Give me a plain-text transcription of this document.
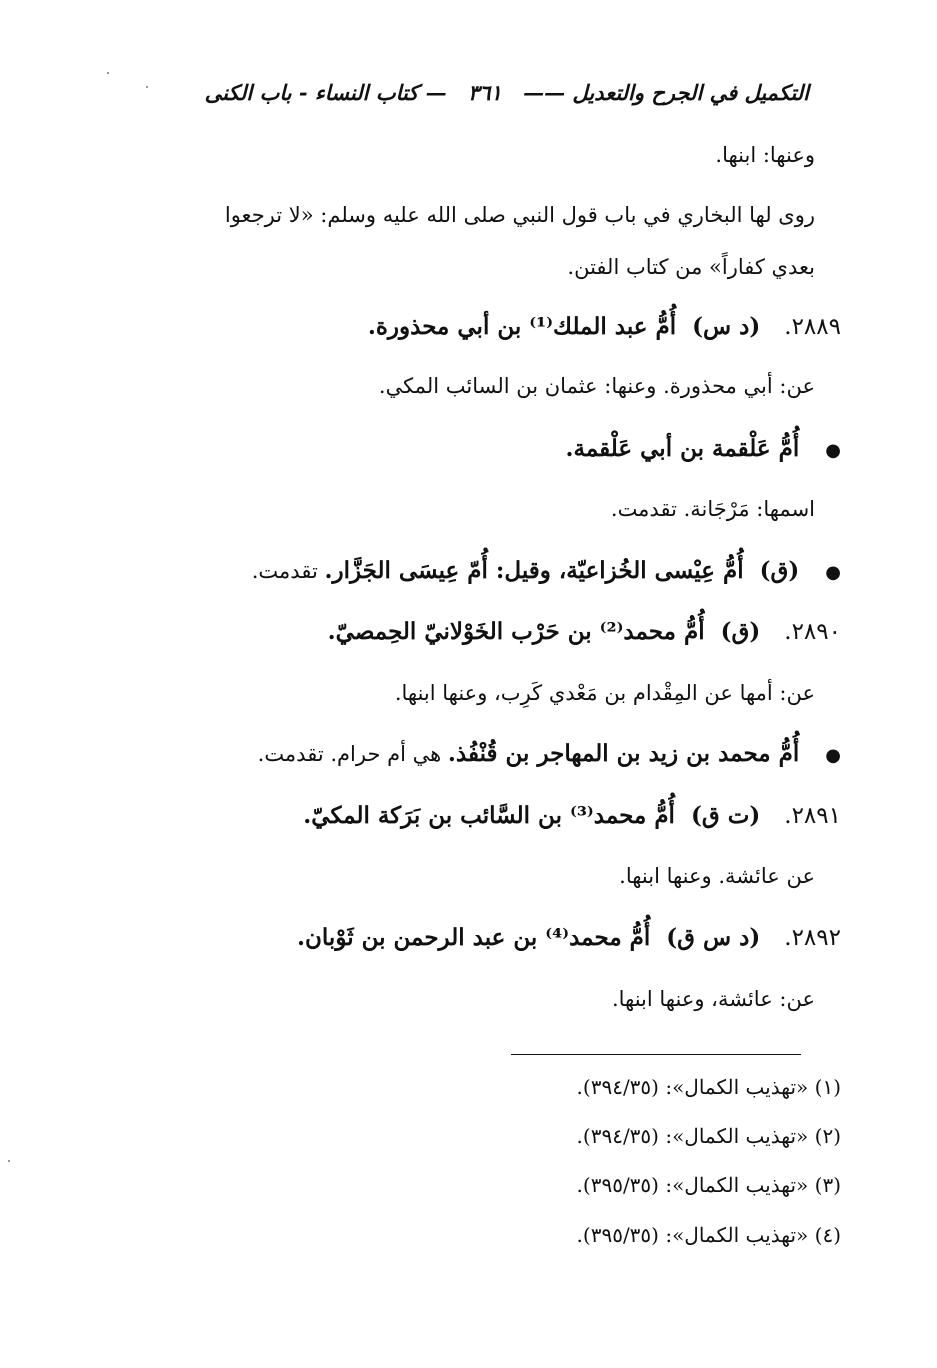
التكميل في الجرح والتعديل —— ٣٦١ — كتاب النساء - باب الكنى
وعنها: ابنها.
روى لها البخاري في باب قول النبي صلى الله عليه وسلم: «لا ترجعوا
بعدي كفاراً» من كتاب الفتن.
٢٨٨٩. (د س) أُمُّ عبد الملك⁽¹⁾ بن أبي محذورة.
عن: أبي محذورة. وعنها: عثمان بن السائب المكي.
● أُمُّ عَلْقمة بن أبي عَلْقمة.
اسمها: مَرْجَانة. تقدمت.
● (ق) أُمُّ عِيْسى الخُزاعيّة، وقيل: أُمّ عِيسَى الجَزَّار. تقدمت.
٢٨٩٠. (ق) أُمُّ محمد⁽²⁾ بن حَرْب الخَوْلانيّ الحِمصيّ.
عن: أمها عن المِقْدام بن مَعْدي كَرِب، وعنها ابنها.
● أُمُّ محمد بن زيد بن المهاجر بن قُنْفُذ. هي أم حرام. تقدمت.
٢٨٩١. (ت ق) أُمُّ محمد⁽³⁾ بن السَّائب بن بَرَكة المكيّ.
عن عائشة. وعنها ابنها.
٢٨٩٢. (د س ق) أُمُّ محمد⁽⁴⁾ بن عبد الرحمن بن ثَوْبان.
عن: عائشة، وعنها ابنها.
(١) «تهذيب الكمال»: (٣٩٤/٣٥).
(٢) «تهذيب الكمال»: (٣٩٤/٣٥).
(٣) «تهذيب الكمال»: (٣٩٥/٣٥).
(٤) «تهذيب الكمال»: (٣٩٥/٣٥).
